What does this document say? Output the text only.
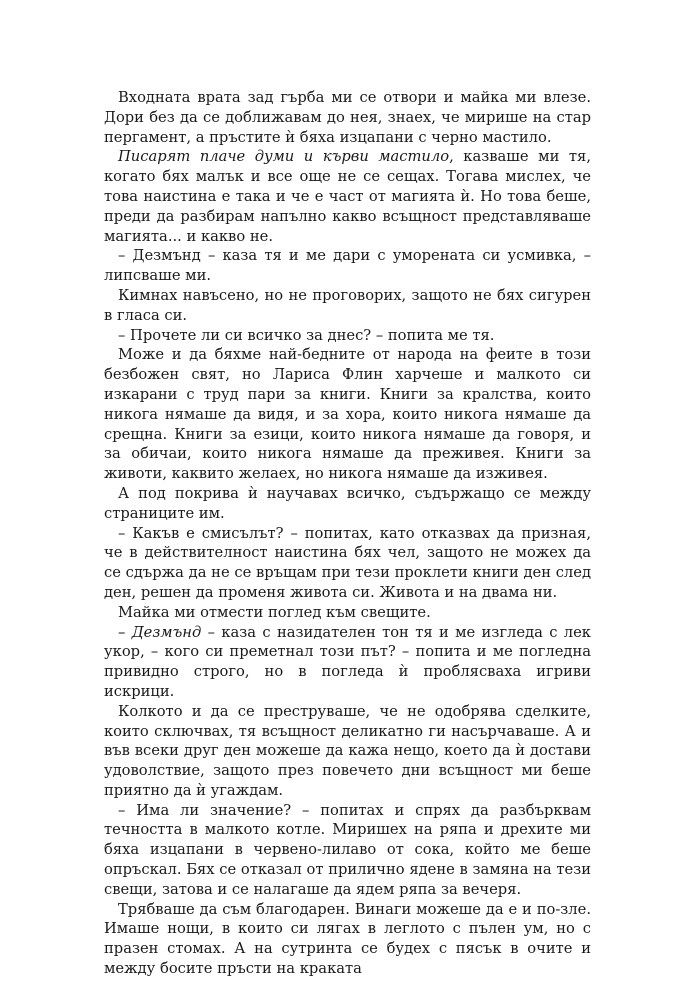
Входната врата зад гърба ми се отвори и майка ми влезе. Дори без да се доближавам до нея, знаех, че мирише на стар пергамент, а пръстите ѝ бяха изцапани с черно мастило.

Писарят плаче думи и кърви мастило, казваше ми тя, когато бях малък и все още не се сещах. Тогава мислех, че това наистина е така и че е част от магията ѝ. Но това беше, преди да разбирам напълно какво всъщност представляваше магията... и какво не.

– Дезмънд – каза тя и ме дари с уморената си усмивка, – липсваше ми.

Кимнах навъсено, но не проговорих, защото не бях сигурен в гласа си.

– Прочете ли си всичко за днес? – попита ме тя.

Може и да бяхме най-бедните от народа на феите в този безбожен свят, но Лариса Флин харчеше и малкото си изкарани с труд пари за книги. Книги за кралства, които никога нямаше да видя, и за хора, които никога нямаше да срещна. Книги за езици, които никога нямаше да говоря, и за обичаи, които никога нямаше да преживея. Книги за животи, каквито желаех, но никога нямаше да изживея.

А под покрива ѝ научавах всичко, съдържащо се между страниците им.

– Какъв е смисълът? – попитах, като отказвах да призная, че в действителност наистина бях чел, защото не можех да се сдържа да не се връщам при тези проклети книги ден след ден, решен да променя живота си. Живота и на двама ни.

Майка ми отмести поглед към свещите.

– Дезмънд – каза с назидателен тон тя и ме изгледа с лек укор, – кого си преметнал този път? – попита и ме погледна привидно строго, но в погледа ѝ проблясваха игриви искрици.

Колкото и да се преструваше, че не одобрява сделките, които сключвах, тя всъщност деликатно ги насърчаваше. А и във всеки друг ден можеше да кажа нещо, което да ѝ достави удоволствие, защото през повечето дни всъщност ми беше приятно да ѝ угаждам.

– Има ли значение? – попитах и спрях да разбърквам течността в малкото котле. Миришех на ряпа и дрехите ми бяха изцапани в червено-лилаво от сока, който ме беше опръскал. Бях се отказал от прилично ядене в замяна на тези свещи, затова и се налагаше да ядем ряпа за вечеря.

Трябваше да съм благодарен. Винаги можеше да е и по-зле. Имаше нощи, в които си лягах в леглото с пълен ум, но с празен стомах. А на сутринта се будех с пясък в очите и между босите пръсти на краката
